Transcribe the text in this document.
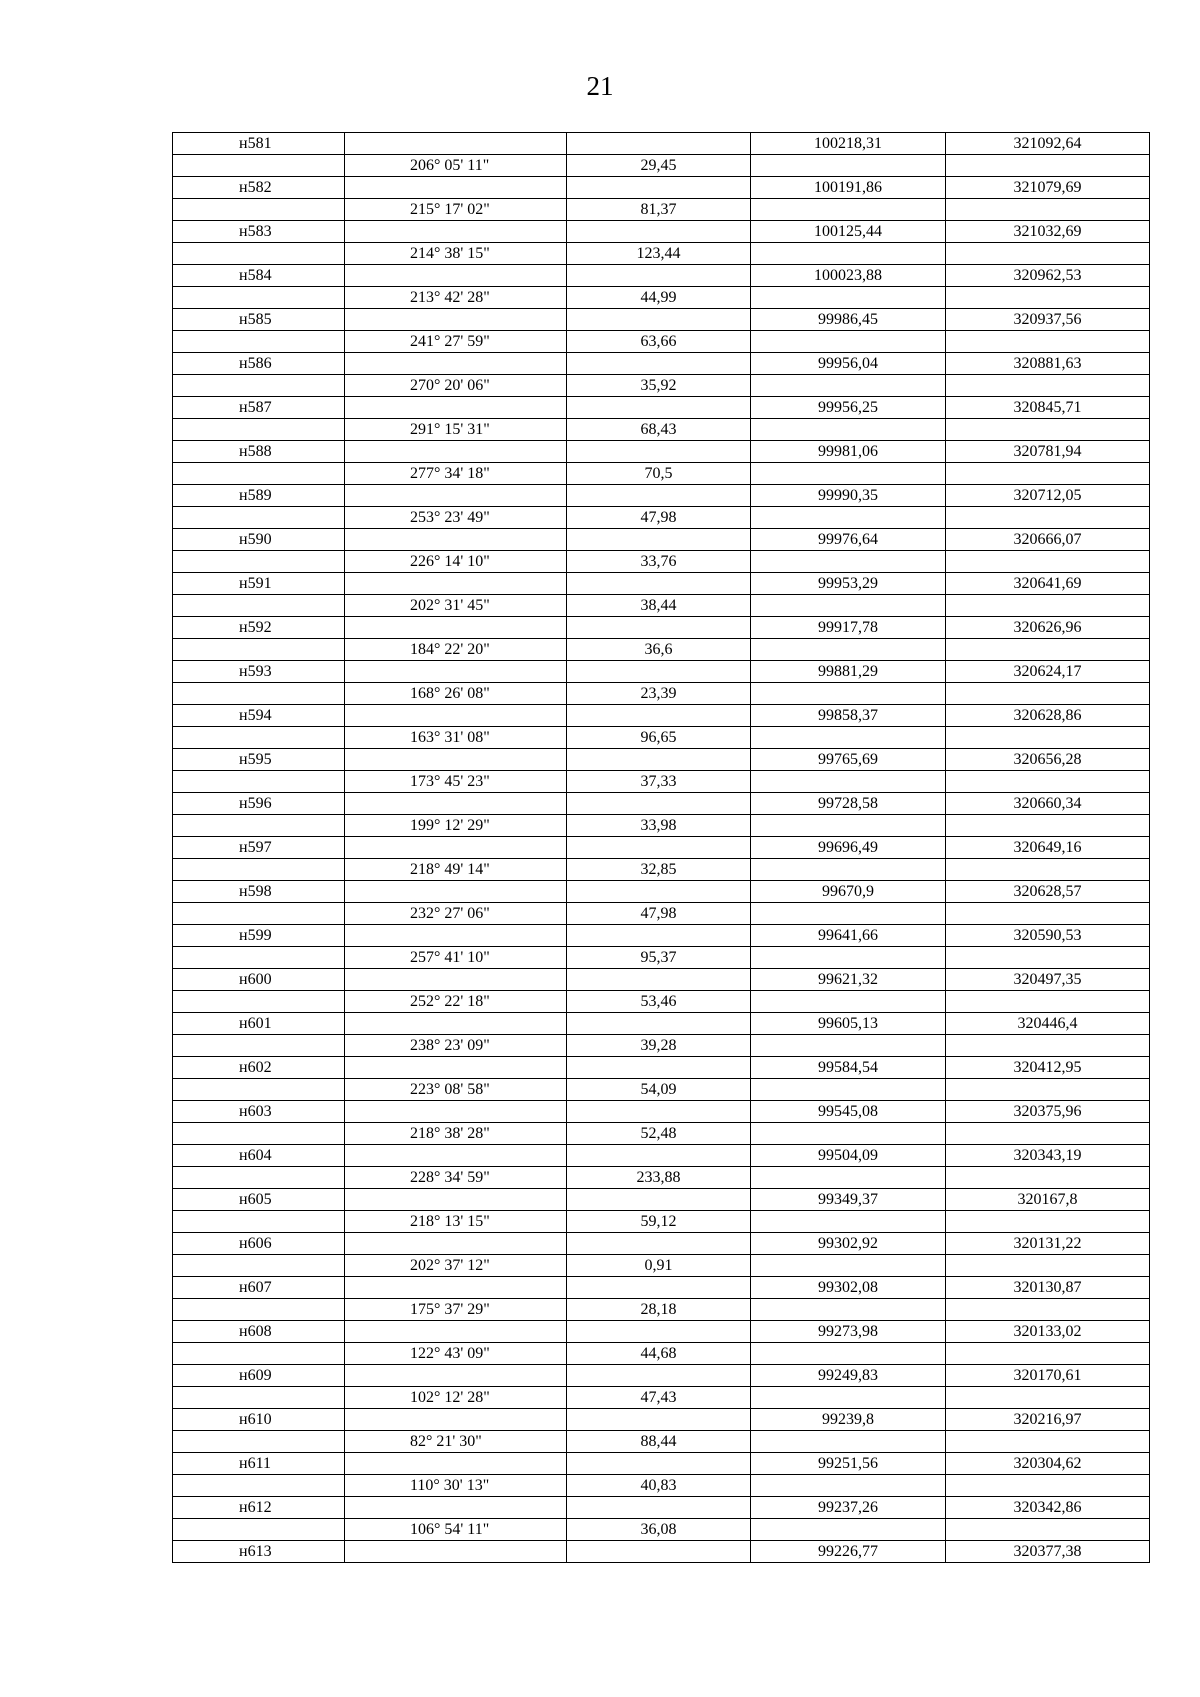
21
н581			100218,31	321092,64
	206° 05' 11"	29,45		
н582			100191,86	321079,69
	215° 17' 02"	81,37		
н583			100125,44	321032,69
	214° 38' 15"	123,44		
н584			100023,88	320962,53
	213° 42' 28"	44,99		
н585			99986,45	320937,56
	241° 27' 59"	63,66		
н586			99956,04	320881,63
	270° 20' 06"	35,92		
н587			99956,25	320845,71
	291° 15' 31"	68,43		
н588			99981,06	320781,94
	277° 34' 18"	70,5		
н589			99990,35	320712,05
	253° 23' 49"	47,98		
н590			99976,64	320666,07
	226° 14' 10"	33,76		
н591			99953,29	320641,69
	202° 31' 45"	38,44		
н592			99917,78	320626,96
	184° 22' 20"	36,6		
н593			99881,29	320624,17
	168° 26' 08"	23,39		
н594			99858,37	320628,86
	163° 31' 08"	96,65		
н595			99765,69	320656,28
	173° 45' 23"	37,33		
н596			99728,58	320660,34
	199° 12' 29"	33,98		
н597			99696,49	320649,16
	218° 49' 14"	32,85		
н598			99670,9	320628,57
	232° 27' 06"	47,98		
н599			99641,66	320590,53
	257° 41' 10"	95,37		
н600			99621,32	320497,35
	252° 22' 18"	53,46		
н601			99605,13	320446,4
	238° 23' 09"	39,28		
н602			99584,54	320412,95
	223° 08' 58"	54,09		
н603			99545,08	320375,96
	218° 38' 28"	52,48		
н604			99504,09	320343,19
	228° 34' 59"	233,88		
н605			99349,37	320167,8
	218° 13' 15"	59,12		
н606			99302,92	320131,22
	202° 37' 12"	0,91		
н607			99302,08	320130,87
	175° 37' 29"	28,18		
н608			99273,98	320133,02
	122° 43' 09"	44,68		
н609			99249,83	320170,61
	102° 12' 28"	47,43		
н610			99239,8	320216,97
	82° 21' 30"	88,44		
н611			99251,56	320304,62
	110° 30' 13"	40,83		
н612			99237,26	320342,86
	106° 54' 11"	36,08		
н613			99226,77	320377,38
